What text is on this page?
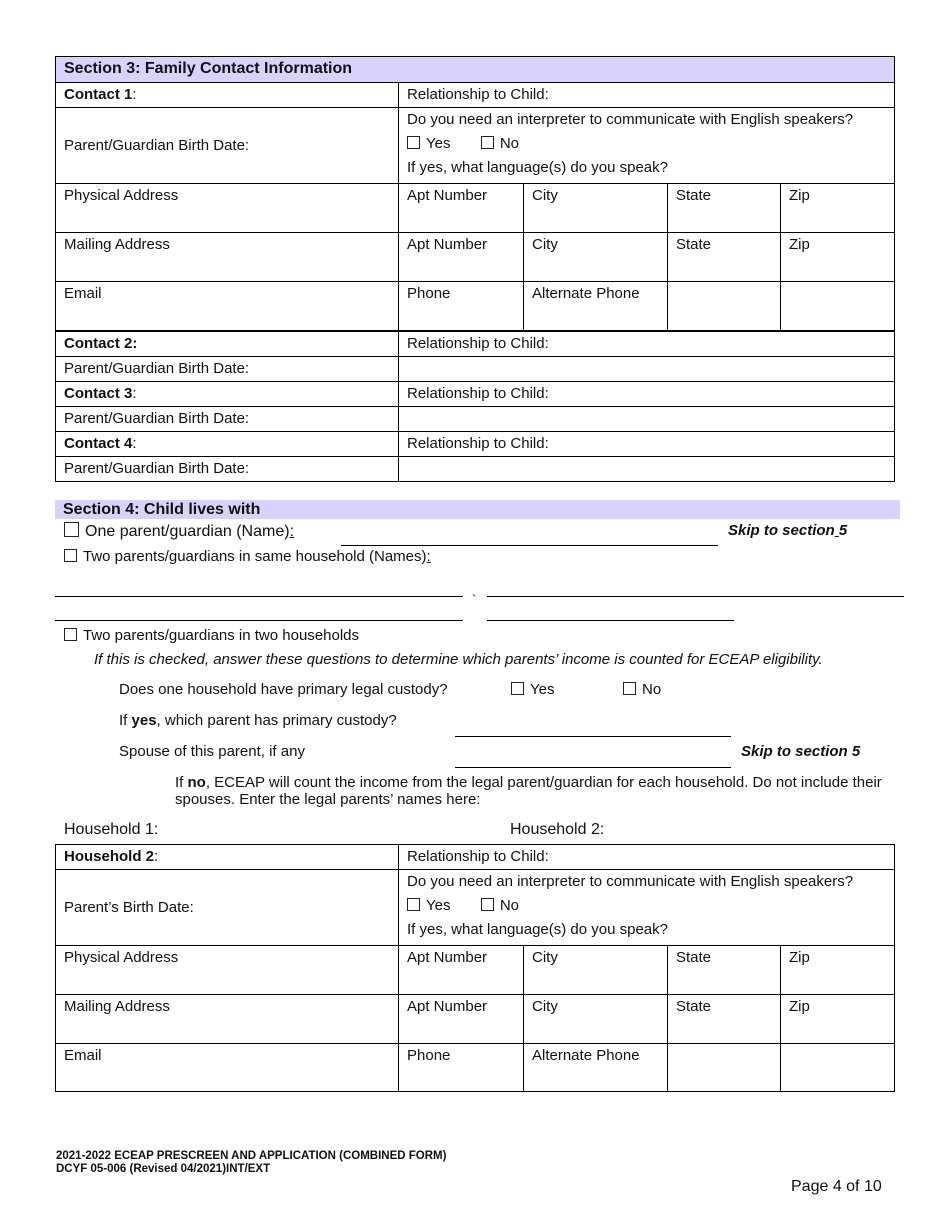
Section 3: Family Contact Information				
Contact 1:	Relationship to Child:			
Parent/Guardian Birth Date:	Do you need an interpreter to communicate with English speakers?
Yes No
If yes, what language(s) do you speak?			

Physical Address	Apt Number	City	State	Zip
Mailing Address	Apt Number	City	State	Zip
Email	Phone	Alternate Phone		
Contact 2:	Relationship to Child:			
Parent/Guardian Birth Date:				
Contact 3:	Relationship to Child:			
Parent/Guardian Birth Date:				
Contact 4:	Relationship to Child:			
Parent/Guardian Birth Date:				
Section 4: Child lives with
One parent/guardian (Name):	Skip to section 5
Two parents/guardians in same household (Names):
`
Two parents/guardians in two households
If this is checked, answer these questions to determine which parents’ income is counted for ECEAP eligibility.
Does one household have primary legal custody?	Yes	No
If yes, which parent has primary custody?
Spouse of this parent, if any	Skip to section 5
If no, ECEAP will count the income from the legal parent/guardian for each household. Do not include their spouses. Enter the legal parents’ names here:
Household 1:	Household 2:
Household 2:	Relationship to Child:			
Parent’s Birth Date:	Do you need an interpreter to communicate with English speakers?
Yes No
If yes, what language(s) do you speak?			

Physical Address	Apt Number	City	State	Zip
Mailing Address	Apt Number	City	State	Zip
Email	Phone	Alternate Phone		
2021-2022 ECEAP PRESCREEN AND APPLICATION (COMBINED FORM)
DCYF 05-006 (Revised 04/2021)INT/EXT
Page 4 of 10
